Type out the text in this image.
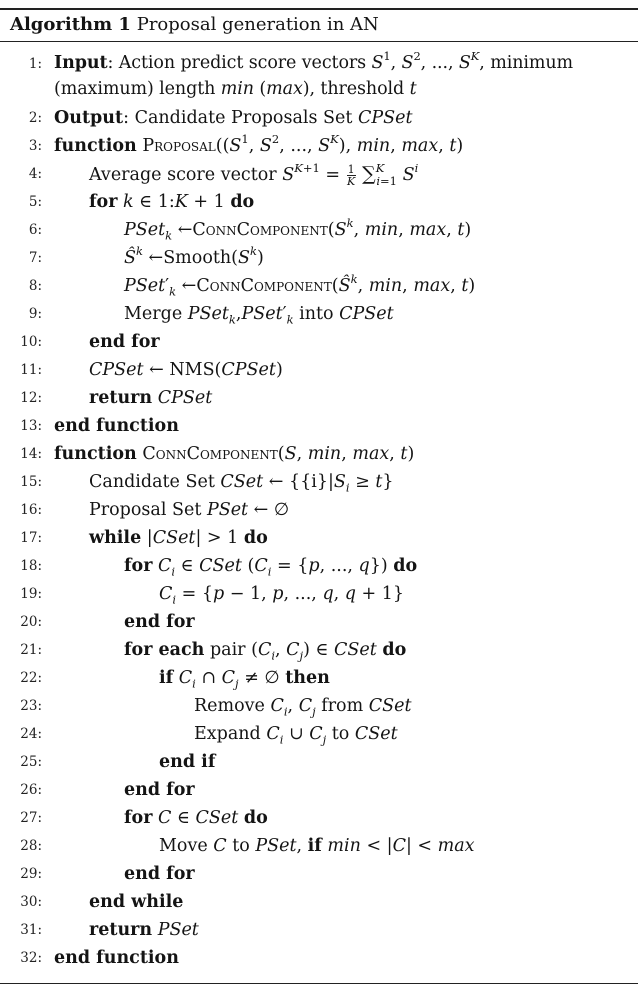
Algorithm 1 Proposal generation in AN
1: Input: Action predict score vectors $S^1$, $S^2$, ..., $S^K$, minimum (maximum) length min (max), threshold t
2: Output: Candidate Proposals Set CPSet
3: function $Proposal((S^1$, $S^2$, ..., $S^K$), min, max, t)
4:	Average score vector $S^{K+1} = \frac{1}{K} \sum^K_{i=1}$ $S^i$
5:	for k ∈ 1:K + 1 do
6:	PSet$_k$ $\leftarrow ConnComponent(S^k$, min, max, t)
7:	$Ŝ^k$ $\leftarrow Smooth(S^k)$
8:	$PSet'_k$ $\leftarrow ConnComponent(Ŝ^k$, min, max, t)
9:	Merge $PSet_k,PSet'_k$ into CPSet
10:	end for
11:	CPSet ← NMS(CPSet)
12:	return CPSet
13: end function
14: function ConnComponent(S, min, max, t)
15:	Candidate Set CSet ← $\{\{i\}|S_i \ge t\}$
16:	Proposal Set PSet ← ∅
17:	while |CSet| > 1 do
18:	for $C_i$ ∈ CSet ($C_i = \{p$, ..., q}) do
19:	$C_i = \{p - 1$, p, ..., q, q + 1}
20:	end for
21:	for each pair ($C_i$, $C_j$) ∈ CSet do
22:	if $C_i$ ∩ $C_j$ ≠ ∅ then
23:	Remove $C_i$, $C_j$ from CSet
24:	Expand $C_i$ ∪ $C_j$ to CSet
25:	end if
26:	end for
27:	for C ∈ CSet do
28:	Move C to PSet, if min < |C| < max
29:	end for
30:	end while
31:	return PSet
32: end function
